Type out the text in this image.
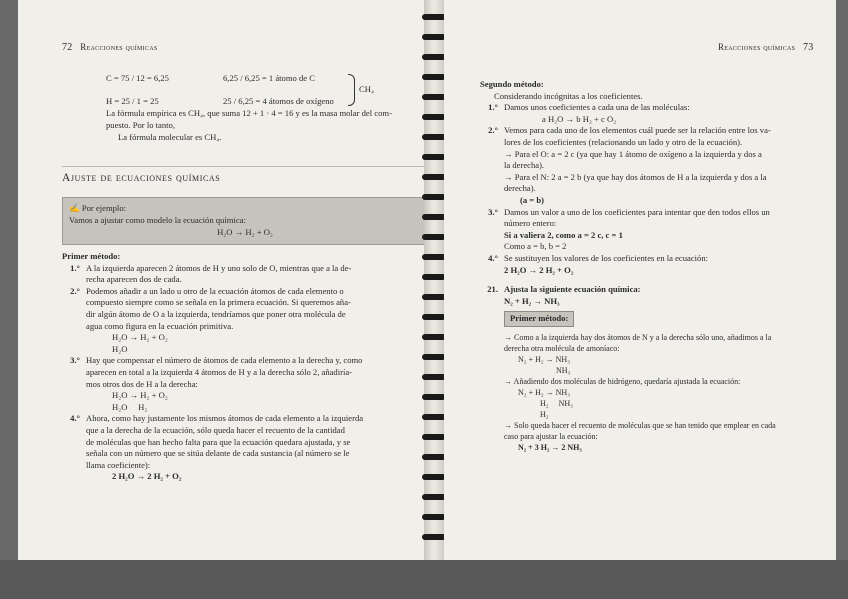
72 Reacciones químicas
C = 75 / 12 = 6,25	6,25 / 6,25 = 1 átomo de C
H = 25 / 1 = 25	25 / 6,25 = 4 átomos de oxígeno
CH₄
La fórmula empírica es CH₄, que suma 12 + 1 · 4 = 16 y es la masa molar del com-
puesto. Por lo tanto,
La fórmula molecular es CH₄.
Ajuste de ecuaciones químicas
✍ Por ejemplo:
Vamos a ajustar como modelo la ecuación química:
H₂O → H₂ + O₂
Primer método:
1.° A la izquierda aparecen 2 átomos de H y uno solo de O, mientras que a la de-
recha aparecen dos de cada.
2.° Podemos añadir a un lado u otro de la ecuación átomos de cada elemento o
compuesto siempre como se señala en la primera ecuación. Si queremos aña-
dir algún átomo de O a la izquierda, tendríamos que poner otra molécula de
agua como figura en la ecuación primitiva.
H₂O → H₂ + O₂
H₂O
3.° Hay que compensar el número de átomos de cada elemento a la derecha y, como
aparecen en total a la izquierda 4 átomos de H y a la derecha sólo 2, añadiría-
mos otros dos de H a la derecha:
H₂O → H₂ + O₂
H₂O     H₂
4.° Ahora, como hay justamente los mismos átomos de cada elemento a la izquierda
que a la derecha de la ecuación, sólo queda hacer el recuento de la cantidad
de moléculas que han hecho falta para que la ecuación quedara ajustada, y se
señala con un número que se sitúa delante de cada sustancia (al número se le
llama coeficiente):
2 H₂O → 2 H₂ + O₂
Reacciones químicas 73
Segundo método:
Considerando incógnitas a los coeficientes.
1.° Damos unos coeficientes a cada una de las moléculas:
a H₂O → b H₂ + c O₂
2.° Vemos para cada uno de los elementos cuál puede ser la relación entre los va-
lores de los coeficientes (relacionando un lado y otro de la ecuación).
→ Para el O: a = 2 c (ya que hay 1 átomo de oxígeno a la izquierda y dos a
la derecha).
→ Para el N: 2 a = 2 b (ya que hay dos átomos de H a la izquierda y dos a la
derecha).
(a = b)
3.° Damos un valor a uno de los coeficientes para intentar que den todos ellos un
número entero:
Si a valiera 2, como a = 2 c, c = 1
Como a = b, b = 2
4.° Se sustituyen los valores de los coeficientes en la ecuación:
2 H₂O → 2 H₂ + O₂
21. Ajusta la siguiente ecuación química:
N₂ + H₂ → NH₃
Primer método:
→ Como a la izquierda hay dos átomos de N y a la derecha sólo uno, añadimos a la
derecha otra molécula de amoníaco:
N₂ + H₂ → NH₃
NH₃
→ Añadiendo dos moléculas de hidrógeno, quedaría ajustada la ecuación:
N₂ + H₂ → NH₃
H₂     NH₃
H₂
→ Solo queda hacer el recuento de moléculas que se han tenido que emplear en cada
caso para ajustar la ecuación:
N₂ + 3 H₂ → 2 NH₃
